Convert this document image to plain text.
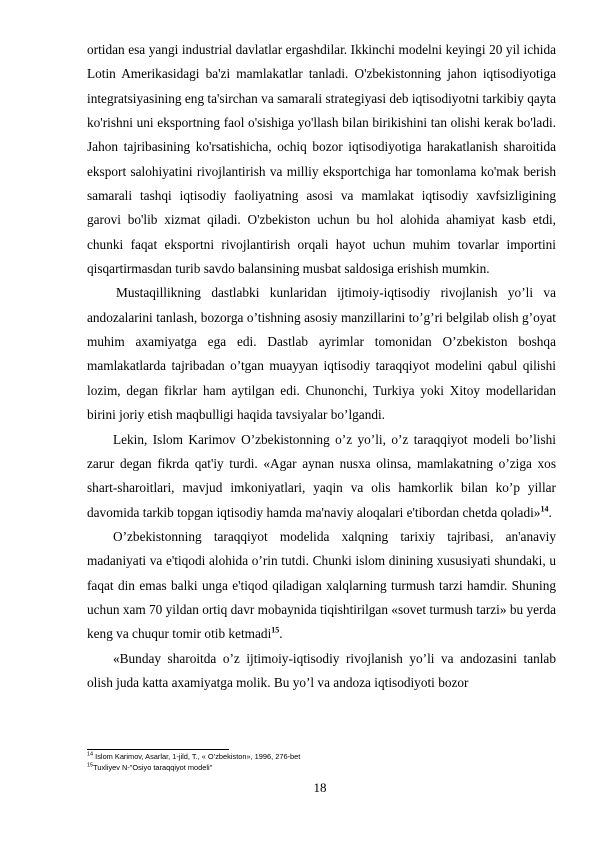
ortidan esa yangi industrial davlatlar ergashdilar. Ikkinchi modelni keyingi 20 yil ichida Lotin Amerikasidagi ba'zi mamlakatlar tanladi. O'zbekistonning jahon iqtisodiyotiga integratsiyasining eng ta'sirchan va samarali strategiyasi deb iqtisodiyotni tarkibiy qayta ko'rishni uni eksportning faol o'sishiga yo'llash bilan birikishini tan olishi kerak bo'ladi. Jahon tajribasining ko'rsatishicha, ochiq bozor iqtisodiyotiga harakatlanish sharoitida eksport salohiyatini rivojlantirish va milliy eksportchiga har tomonlama ko'mak berish samarali tashqi iqtisodiy faoliyatning asosi va mamlakat iqtisodiy xavfsizligining garovi bo'lib xizmat qiladi. O'zbekiston uchun bu hol alohida ahamiyat kasb etdi, chunki faqat eksportni rivojlantirish orqali hayot uchun muhim tovarlar importini qisqartirmasdan turib savdo balansining musbat saldosiga erishish mumkin.

Mustaqillikning dastlabki kunlaridan ijtimoiy-iqtisodiy rivojlanish yo’li va andozalarini tanlash, bozorga o’tishning asosiy manzillarini to’g’ri belgilab olish g’oyat muhim axamiyatga ega edi. Dastlab ayrimlar tomonidan O’zbekiston boshqa mamlakatlarda tajribadan o’tgan muayyan iqtisodiy taraqqiyot modelini qabul qilishi lozim, degan fikrlar ham aytilgan edi. Chunonchi, Turkiya yoki Xitoy modellaridan birini joriy etish maqbulligi haqida tavsiyalar bo’lgandi.

Lekin, Islom Karimov O’zbekistonning o’z yo’li, o’z taraqqiyot modeli bo’lishi zarur degan fikrda qat'iy turdi. «Agar aynan nusxa olinsa, mamlakatning o’ziga xos shart-sharoitlari, mavjud imkoniyatlari, yaqin va olis hamkorlik bilan ko’p yillar davomida tarkib topgan iqtisodiy hamda ma'naviy aloqalari e'tibordan chetda qoladi»$^{14}$.

O’zbekistonning taraqqiyot modelida xalqning tarixiy tajribasi, an'anaviy madaniyati va e'tiqodi alohida o’rin tutdi. Chunki islom dinining xususiyati shundaki, u faqat din emas balki unga e'tiqod qiladigan xalqlarning turmush tarzi hamdir. Shuning uchun xam 70 yildan ortiq davr mobaynida tiqishtirilgan «sovet turmush tarzi» bu yerda keng va chuqur tomir otib ketmadi$^{15}$.

«Bunday sharoitda o’z ijtimoiy-iqtisodiy rivojlanish yo’li va andozasini tanlab olish juda katta axamiyatga molik. Bu yo’l va andoza iqtisodiyoti bozor

$^{14}$ Islom Karimov, Asarlar, 1-jild, T., « O’zbekiston», 1996, 276-bet

$^{15}$Tuxliyev N-"Osiyo taraqqiyot modeli"

18
